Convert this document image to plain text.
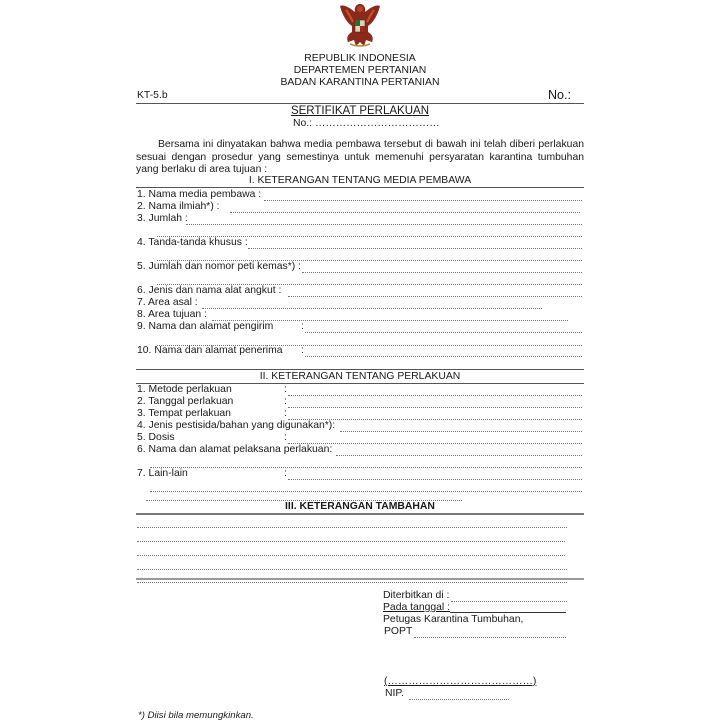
REPUBLIK INDONESIA
DEPARTEMEN PERTANIAN
BADAN KARANTINA PERTANIAN
KT-5.b	No.:
SERTIFIKAT PERLAKUAN
No.: ………………………………
Bersama ini dinyatakan bahwa media pembawa tersebut di bawah ini telah diberi perlakuan sesuai dengan prosedur yang semestinya untuk memenuhi persyaratan karantina tumbuhan yang berlaku di area tujuan :
I. KETERANGAN TENTANG MEDIA PEMBAWA
1. Nama media pembawa :
2. Nama ilmiah*) :
3. Jumlah :
4. Tanda-tanda khusus :
5. Jumlah dan nomor peti kemas*) :
6. Jenis dan nama alat angkut :
7. Area asal :
8. Area tujuan :
9. Nama dan alamat pengirim	:
10. Nama dan alamat penerima :
II. KETERANGAN TENTANG PERLAKUAN
1. Metode perlakuan	:
2. Tanggal perlakuan	:
3. Tempat perlakuan	:
4. Jenis pestisida/bahan yang digunakan*):
5. Dosis	:
6. Nama dan alamat pelaksana perlakuan:
7. Lain-lain	:
III. KETERANGAN TAMBAHAN
Diterbitkan di :
Pada tanggal :
Petugas Karantina Tumbuhan,
POPT
(……………………………………)
NIP.
*) Diisi bila memungkinkan.
